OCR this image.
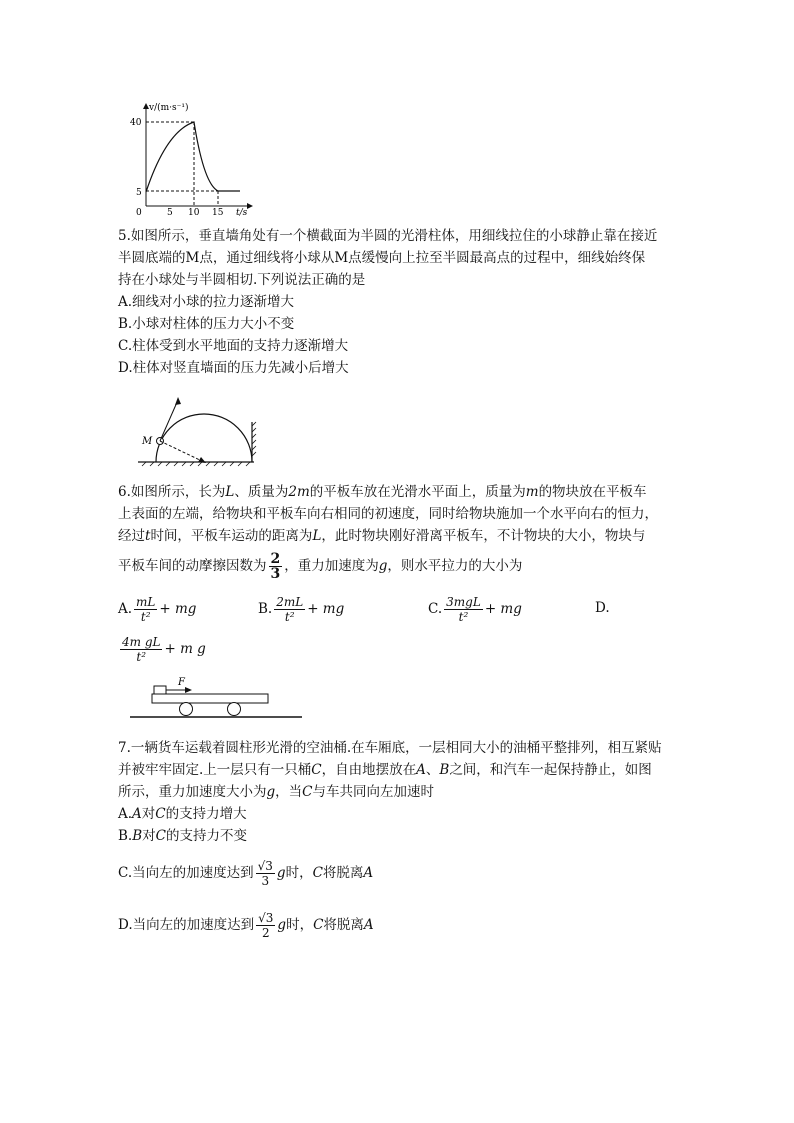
v/(m·s⁻¹)
40
5
0	5 10 15 t/s
5.如图所示，垂直墙角处有一个横截面为半圆的光滑柱体，用细线拉住的小球静止靠在接近
半圆底端的M点，通过细线将小球从M点缓慢向上拉至半圆最高点的过程中，细线始终保
持在小球处与半圆相切.下列说法正确的是
A.细线对小球的拉力逐渐增大
B.小球对柱体的压力大小不变
C.柱体受到水平地面的支持力逐渐增大
D.柱体对竖直墙面的压力先减小后增大
M
6.如图所示，长为L、质量为2m的平板车放在光滑水平面上，质量为m的物块放在平板车
上表面的左端，给物块和平板车向右相同的初速度，同时给物块施加一个水平向右的恒力，
经过t时间，平板车运动的距离为L，此时物块刚好滑离平板车，不计物块的大小，物块与
平板车间的动摩擦因数为 $\frac{2}{3}$ ，重力加速度为g，则水平拉力的大小为
A. $\frac{mL}{\text{t²}}$ + mg	B. $\frac{2mL}{\text{t²}}$ + mg	C. $\frac{\text{3mgL}}{\text{t²}}$ + mg	D.
$\frac{\text{4m gL}}{\text{t²}} + m$ g
F
7.一辆货车运载着圆柱形光滑的空油桶.在车厢底，一层相同大小的油桶平整排列，相互紧贴
并被牢牢固定.上一层只有一只桶C，自由地摆放在A、B之间，和汽车一起保持静止，如图
所示，重力加速度大小为g，当C与车共同向左加速时
A.A对C的支持力增大
B.B对C的支持力不变
C.当向左的加速度达到 $\frac{√3}{3}$ g时，C将脱离A
D.当向左的加速度达到 $\frac{√3}{2}$ g时，C将脱离A
